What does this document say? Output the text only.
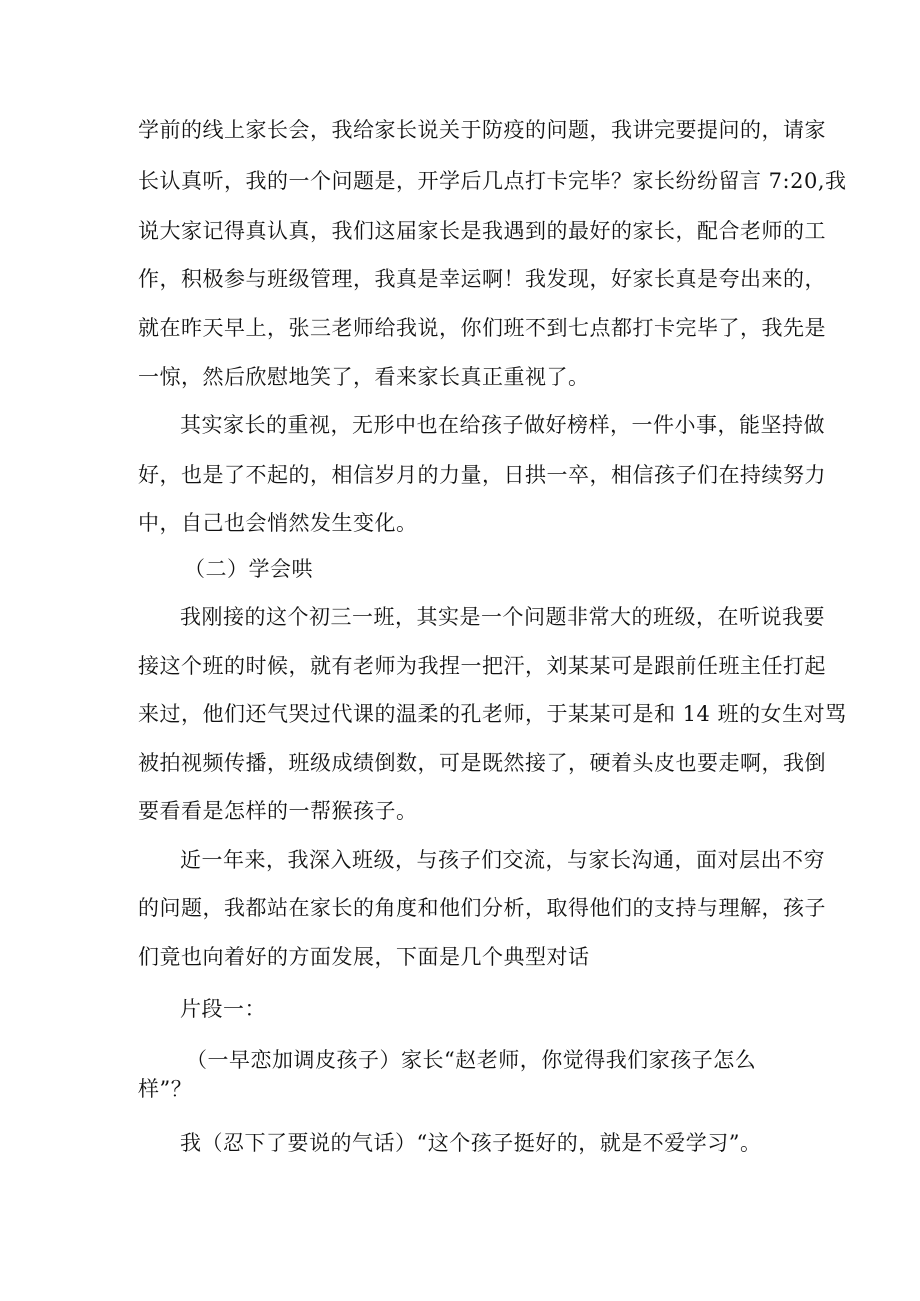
学前的线上家长会，我给家长说关于防疫的问题，我讲完要提问的，请家
长认真听，我的一个问题是，开学后几点打卡完毕？家长纷纷留言 7:20,我
说大家记得真认真，我们这届家长是我遇到的最好的家长，配合老师的工
作，积极参与班级管理，我真是幸运啊！我发现，好家长真是夸出来的，
就在昨天早上，张三老师给我说，你们班不到七点都打卡完毕了，我先是
一惊，然后欣慰地笑了，看来家长真正重视了。
其实家长的重视，无形中也在给孩子做好榜样，一件小事，能坚持做
好，也是了不起的，相信岁月的力量，日拱一卒，相信孩子们在持续努力
中，自己也会悄然发生变化。
（二）学会哄
我刚接的这个初三一班，其实是一个问题非常大的班级，在听说我要
接这个班的时候，就有老师为我捏一把汗，刘某某可是跟前任班主任打起
来过，他们还气哭过代课的温柔的孔老师，于某某可是和 14 班的女生对骂
被拍视频传播，班级成绩倒数，可是既然接了，硬着头皮也要走啊，我倒
要看看是怎样的一帮猴孩子。
近一年来，我深入班级，与孩子们交流，与家长沟通，面对层出不穷
的问题，我都站在家长的角度和他们分析，取得他们的支持与理解，孩子
们竟也向着好的方面发展，下面是几个典型对话
片段一：
（一早恋加调皮孩子）家长“赵老师，你觉得我们家孩子怎么
样”？
我（忍下了要说的气话）“这个孩子挺好的，就是不爱学习”。
